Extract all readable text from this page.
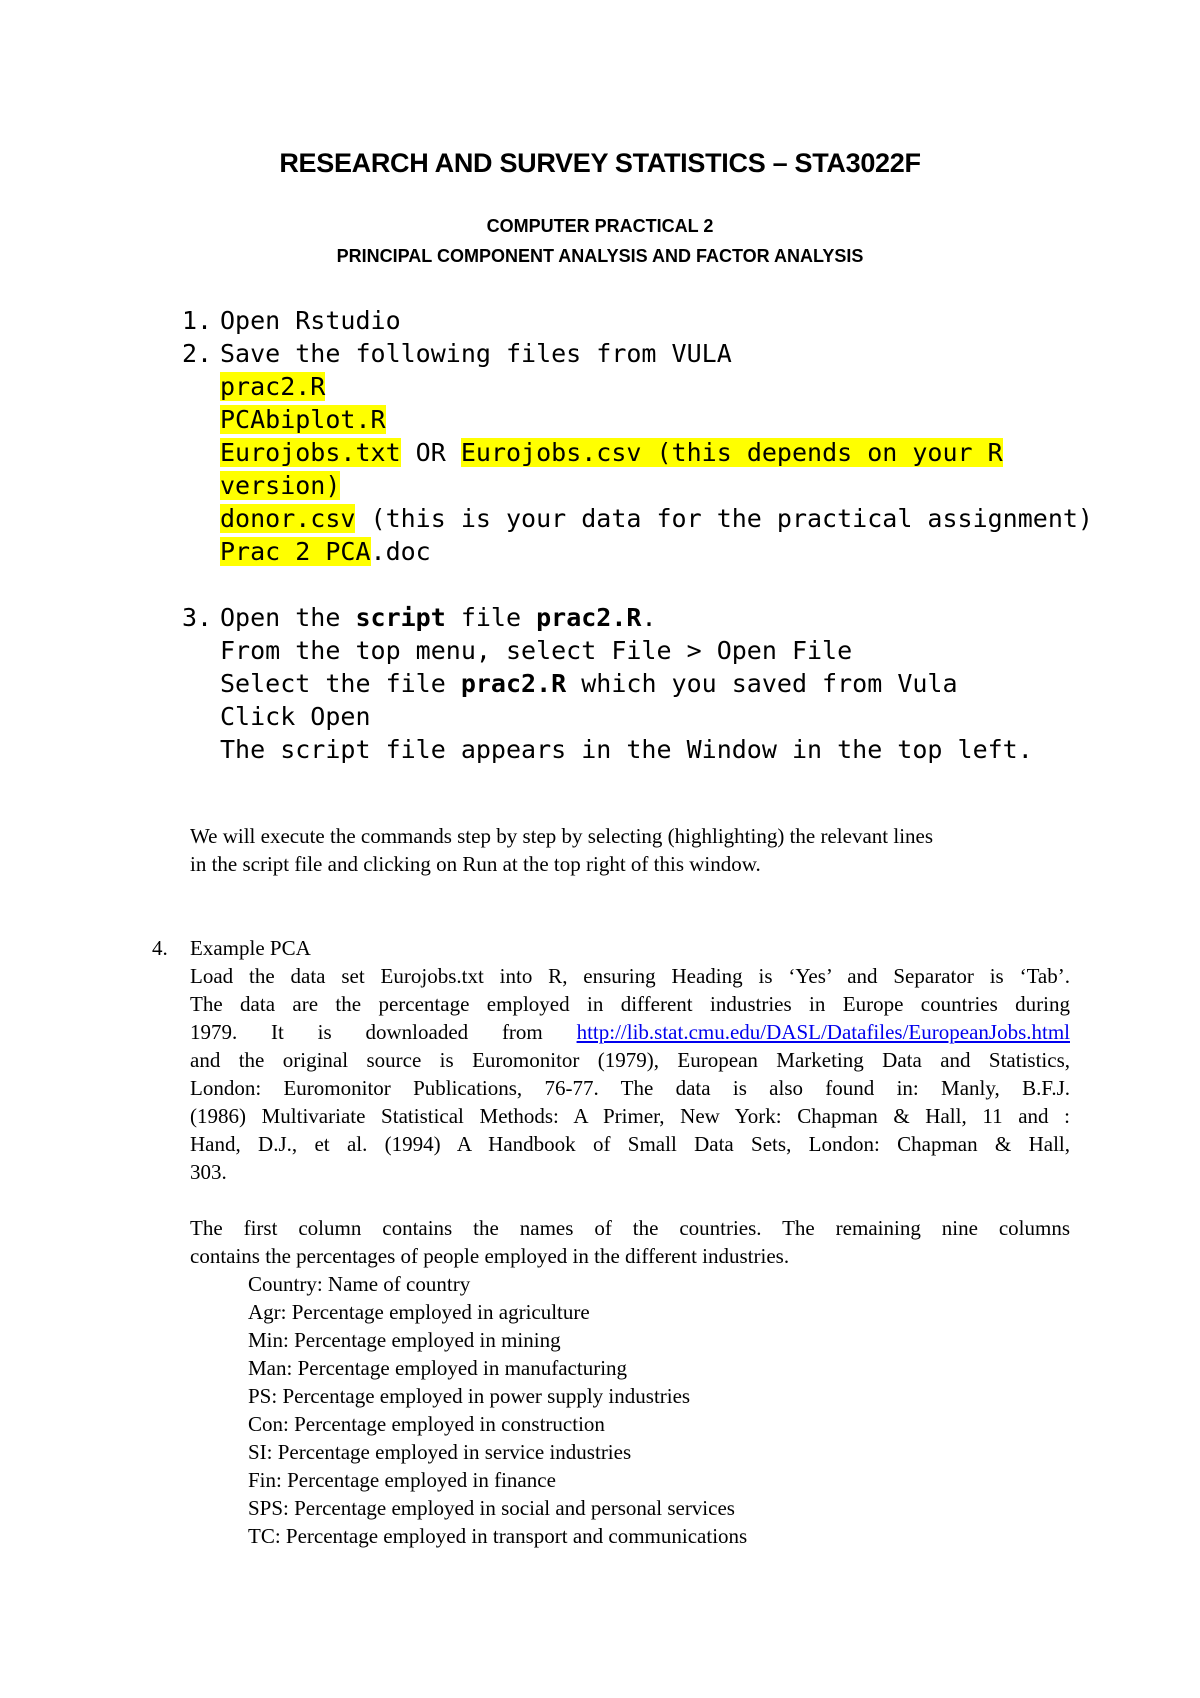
RESEARCH AND SURVEY STATISTICS – STA3022F
COMPUTER PRACTICAL 2
PRINCIPAL COMPONENT ANALYSIS AND FACTOR ANALYSIS
1. Open Rstudio
2. Save the following files from VULA
prac2.R
PCAbiplot.R
Eurojobs.txt OR Eurojobs.csv (this depends on your R
version)
donor.csv (this is your data for the practical assignment)
Prac 2 PCA.doc
3. Open the script file prac2.R.
From the top menu, select File > Open File
Select the file prac2.R which you saved from Vula
Click Open
The script file appears in the Window in the top left.
We will execute the commands step by step by selecting (highlighting) the relevant lines
in the script file and clicking on Run at the top right of this window.
4. Example PCA
Load the data set Eurojobs.txt into R, ensuring Heading is ‘Yes’ and Separator is ‘Tab’.
The data are the percentage employed in different industries in Europe countries during
1979. It is downloaded from http://lib.stat.cmu.edu/DASL/Datafiles/EuropeanJobs.html
and the original source is Euromonitor (1979), European Marketing Data and Statistics,
London: Euromonitor Publications, 76-77. The data is also found in: Manly, B.F.J.
(1986) Multivariate Statistical Methods: A Primer, New York: Chapman & Hall, 11 and :
Hand, D.J., et al. (1994) A Handbook of Small Data Sets, London: Chapman & Hall,
303.
The first column contains the names of the countries. The remaining nine columns
contains the percentages of people employed in the different industries.
Country: Name of country
Agr: Percentage employed in agriculture
Min: Percentage employed in mining
Man: Percentage employed in manufacturing
PS: Percentage employed in power supply industries
Con: Percentage employed in construction
SI: Percentage employed in service industries
Fin: Percentage employed in finance
SPS: Percentage employed in social and personal services
TC: Percentage employed in transport and communications
